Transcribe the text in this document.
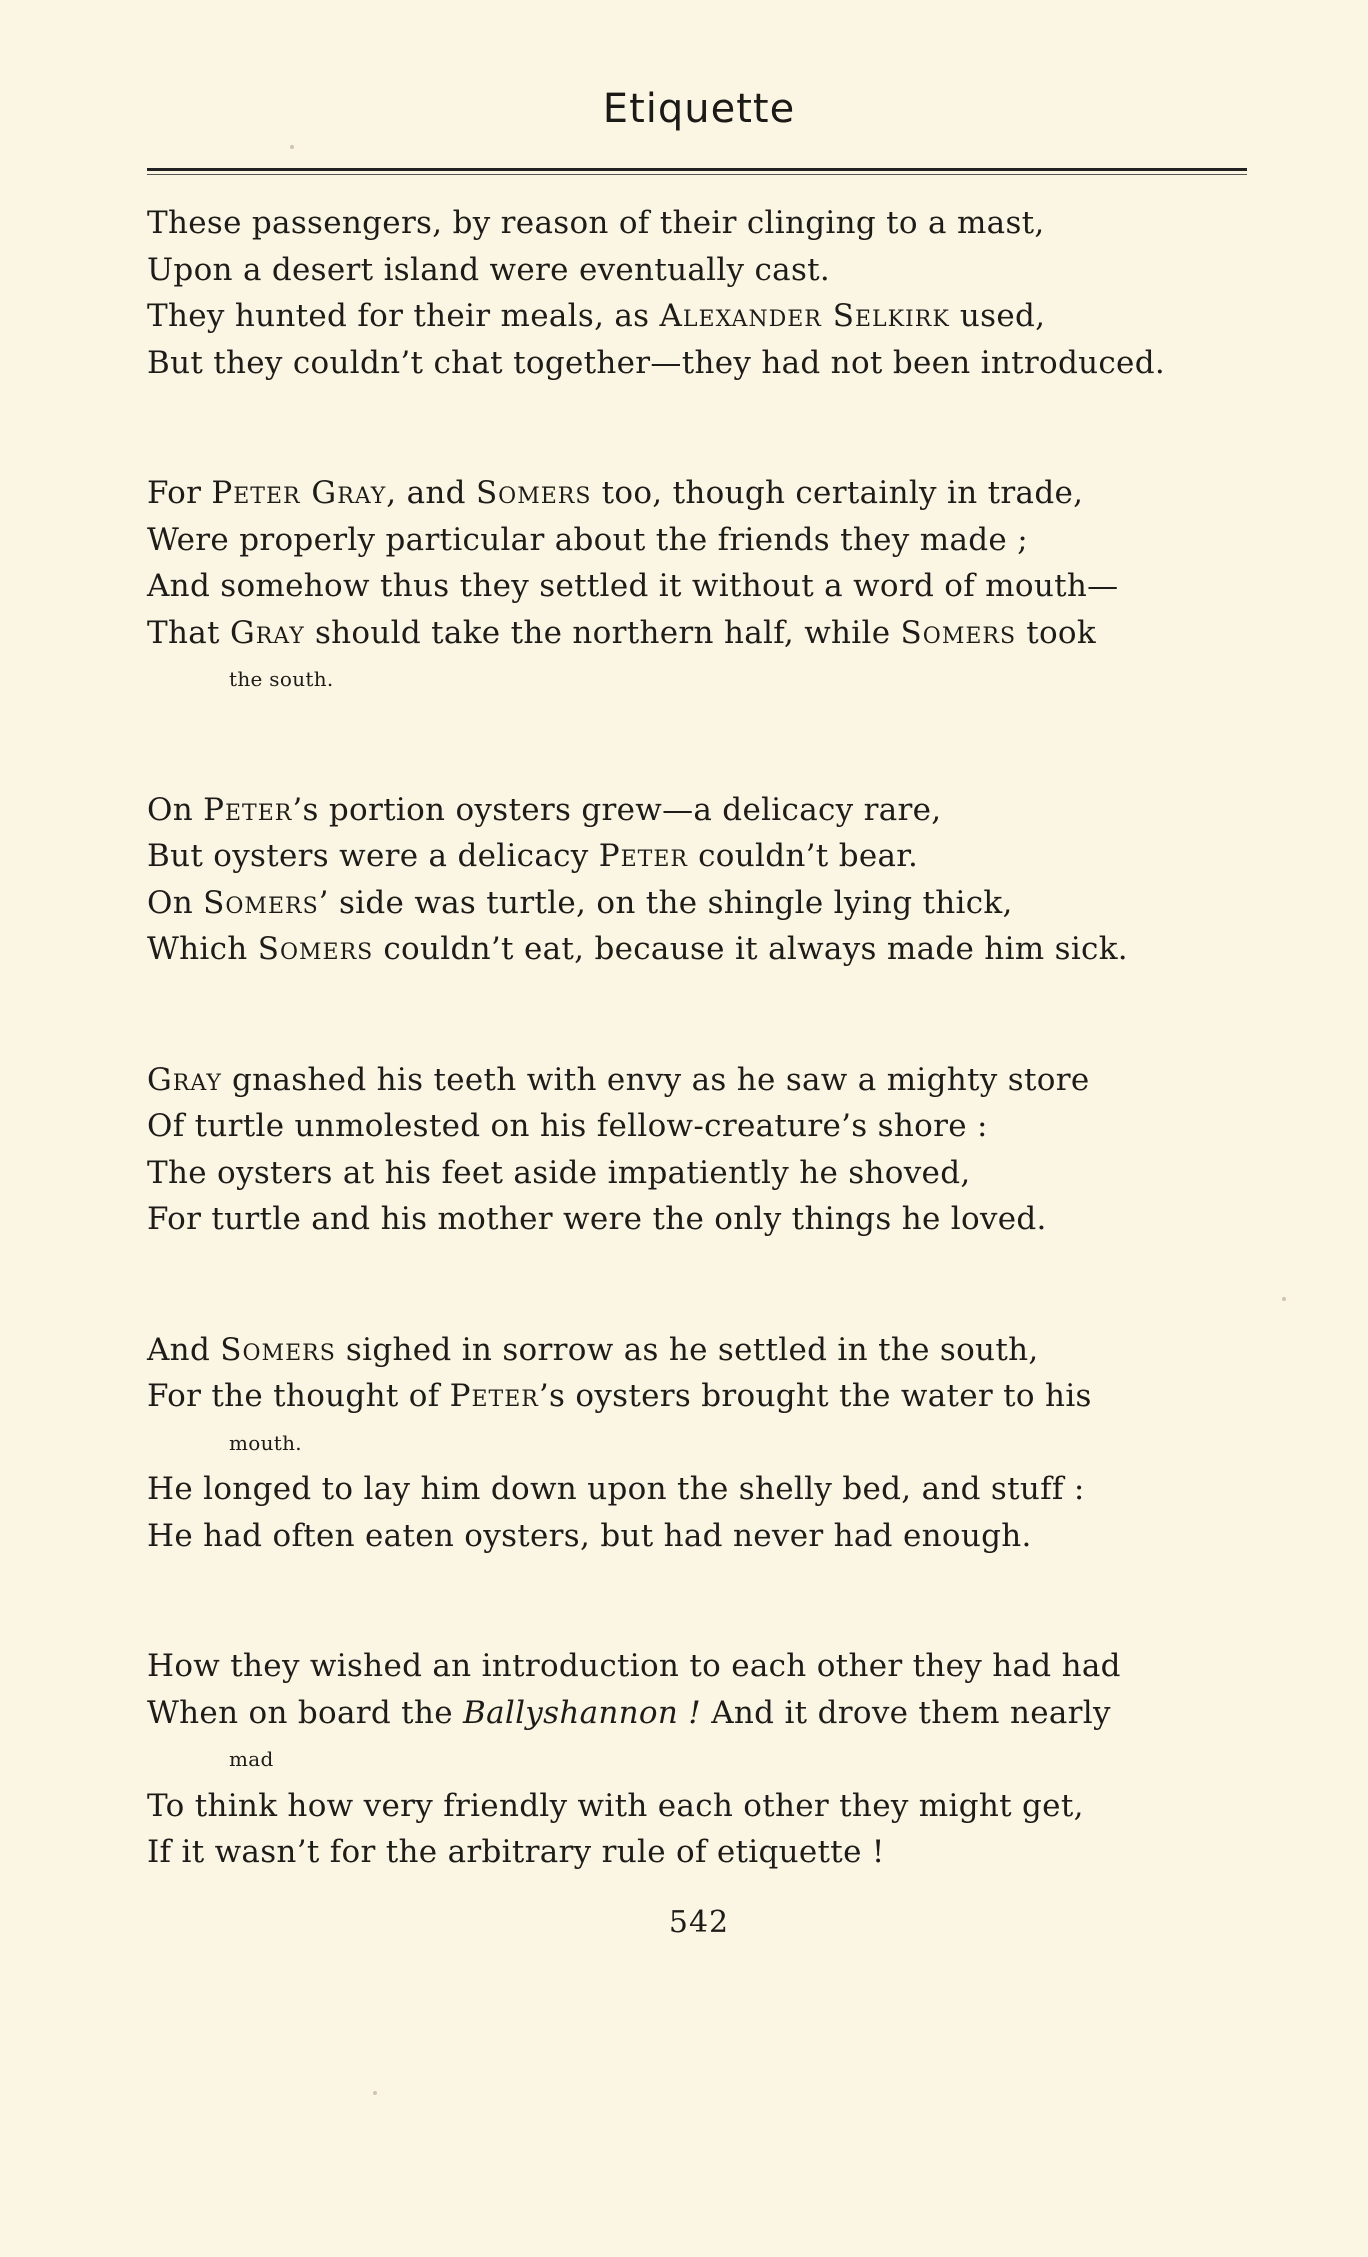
Etiquette
These passengers, by reason of their clinging to a mast,
Upon a desert island were eventually cast.
They hunted for their meals, as Alexander Selkirk used,
But they couldn’t chat together—they had not been introduced.
For Peter Gray, and Somers too, though certainly in trade,
Were properly particular about the friends they made ;
And somehow thus they settled it without a word of mouth—
That Gray should take the northern half, while Somers took
the south.
On Peter’s portion oysters grew—a delicacy rare,
But oysters were a delicacy Peter couldn’t bear.
On Somers’ side was turtle, on the shingle lying thick,
Which Somers couldn’t eat, because it always made him sick.
Gray gnashed his teeth with envy as he saw a mighty store
Of turtle unmolested on his fellow-creature’s shore :
The oysters at his feet aside impatiently he shoved,
For turtle and his mother were the only things he loved.
And Somers sighed in sorrow as he settled in the south,
For the thought of Peter’s oysters brought the water to his
mouth.
He longed to lay him down upon the shelly bed, and stuff :
He had often eaten oysters, but had never had enough.
How they wished an introduction to each other they had had
When on board the Ballyshannon ! And it drove them nearly
mad
To think how very friendly with each other they might get,
If it wasn’t for the arbitrary rule of etiquette !
542
